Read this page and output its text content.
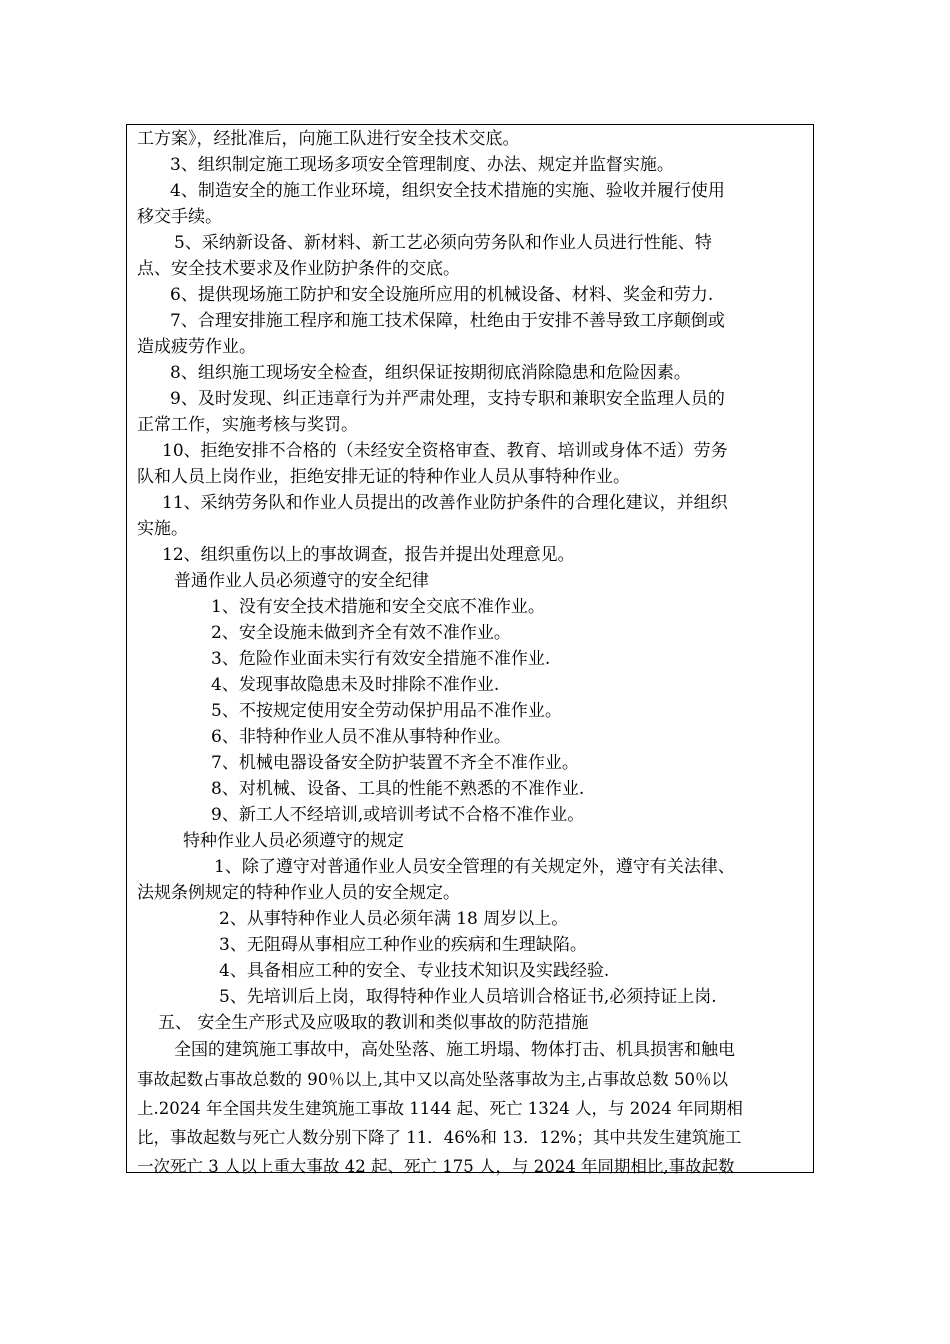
工方案》，经批准后，向施工队进行安全技术交底。
3、组织制定施工现场多项安全管理制度、办法、规定并监督实施。
4、制造安全的施工作业环境，组织安全技术措施的实施、验收并履行使用
移交手续。
5、采纳新设备、新材料、新工艺必须向劳务队和作业人员进行性能、特
点、安全技术要求及作业防护条件的交底。
6、提供现场施工防护和安全设施所应用的机械设备、材料、奖金和劳力.
7、合理安排施工程序和施工技术保障，杜绝由于安排不善导致工序颠倒或
造成疲劳作业。
8、组织施工现场安全检查，组织保证按期彻底消除隐患和危险因素。
9、及时发现、纠正违章行为并严肃处理，支持专职和兼职安全监理人员的
正常工作，实施考核与奖罚。
10、拒绝安排不合格的（未经安全资格审查、教育、培训或身体不适）劳务
队和人员上岗作业，拒绝安排无证的特种作业人员从事特种作业。
11、采纳劳务队和作业人员提出的改善作业防护条件的合理化建议，并组织
实施。
12、组织重伤以上的事故调查，报告并提出处理意见。
普通作业人员必须遵守的安全纪律
1、没有安全技术措施和安全交底不准作业。
2、安全设施未做到齐全有效不准作业。
3、危险作业面未实行有效安全措施不准作业.
4、发现事故隐患未及时排除不准作业.
5、不按规定使用安全劳动保护用品不准作业。
6、非特种作业人员不准从事特种作业。
7、机械电器设备安全防护装置不齐全不准作业。
8、对机械、设备、工具的性能不熟悉的不准作业.
9、新工人不经培训,或培训考试不合格不准作业。
特种作业人员必须遵守的规定
1、除了遵守对普通作业人员安全管理的有关规定外，遵守有关法律、
法规条例规定的特种作业人员的安全规定。
2、从事特种作业人员必须年满 18 周岁以上。
3、无阻碍从事相应工种作业的疾病和生理缺陷。
4、具备相应工种的安全、专业技术知识及实践经验.
5、先培训后上岗，取得特种作业人员培训合格证书,必须持证上岗.
五、 安全生产形式及应吸取的教训和类似事故的防范措施
全国的建筑施工事故中，高处坠落、施工坍塌、物体打击、机具损害和触电
事故起数占事故总数的 90％以上,其中又以高处坠落事故为主,占事故总数 50％以
上.2024 年全国共发生建筑施工事故 1144 起、死亡 1324 人，与 2024 年同期相
比，事故起数与死亡人数分别下降了 11．46%和 13．12%；其中共发生建筑施工
一次死亡 3 人以上重大事故 42 起、死亡 175 人，与 2024 年同期相比,事故起数
